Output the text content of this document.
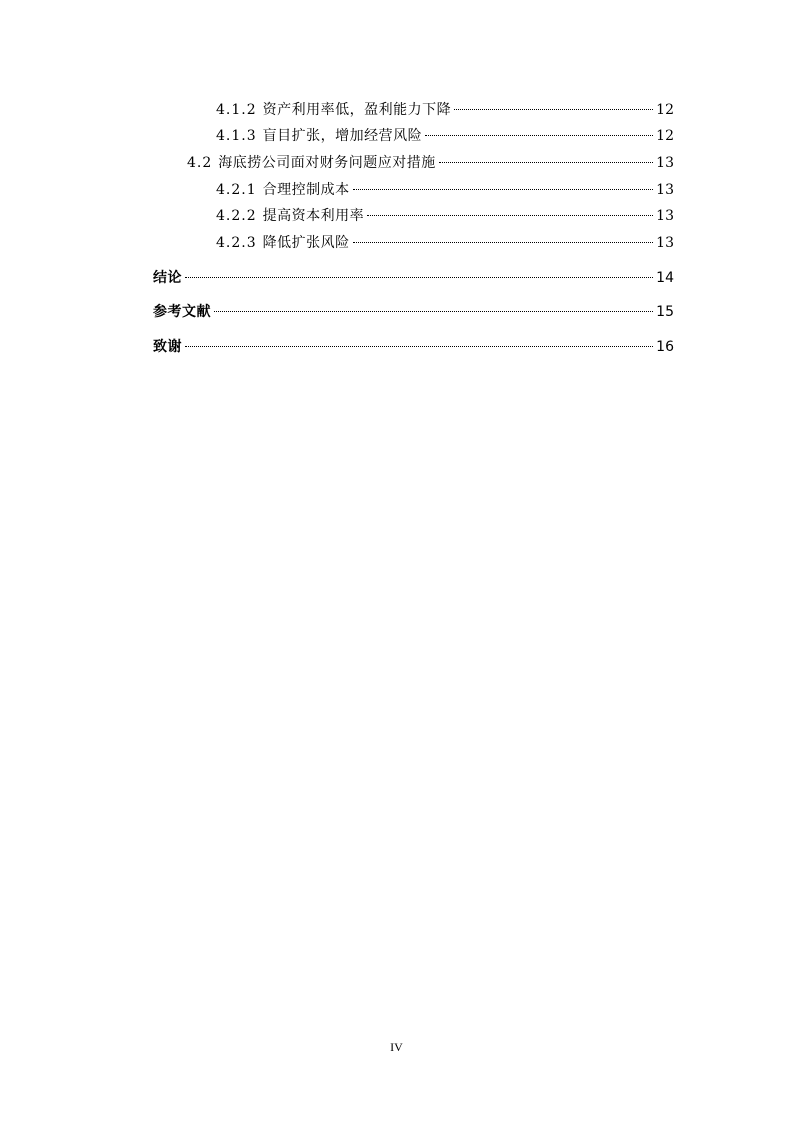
4.1.2 资产利用率低，盈利能力下降	12
4.1.3 盲目扩张，增加经营风险	12
4.2 海底捞公司面对财务问题应对措施	13
4.2.1 合理控制成本	13
4.2.2 提高资本利用率	13
4.2.3 降低扩张风险	13
结论	14
参考文献	15
致谢	16
IV
